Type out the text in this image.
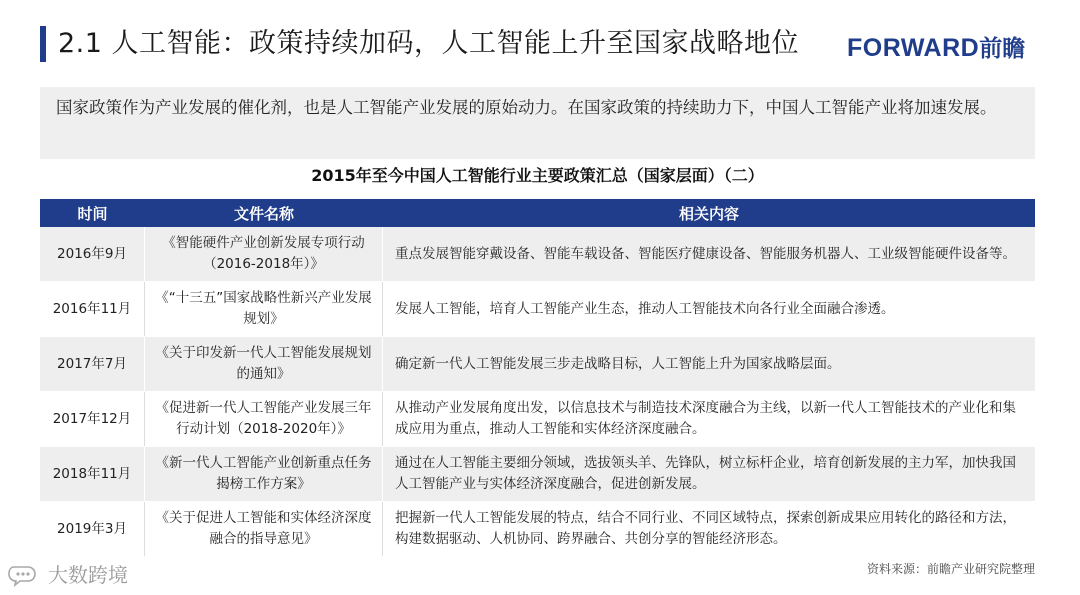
2.1 人工智能：政策持续加码，人工智能上升至国家战略地位 FORWARD前瞻
国家政策作为产业发展的催化剂，也是人工智能产业发展的原始动力。在国家政策的持续助力下，中国人工智能产业将加速发展。
2015年至今中国人工智能行业主要政策汇总（国家层面）（二）
时间	文件名称	相关内容
2016年9月
《智能硬件产业创新发展专项行动（2016-2018年）》
重点发展智能穿戴设备、智能车载设备、智能医疗健康设备、智能服务机器人、工业级智能硬件设备等。
2016年11月
《“十三五”国家战略性新兴产业发展规划》
发展人工智能，培育人工智能产业生态，推动人工智能技术向各行业全面融合渗透。
2017年7月
《关于印发新一代人工智能发展规划的通知》
确定新一代人工智能发展三步走战略目标，人工智能上升为国家战略层面。
2017年12月
《促进新一代人工智能产业发展三年行动计划（2018-2020年）》
从推动产业发展角度出发，以信息技术与制造技术深度融合为主线，以新一代人工智能技术的产业化和集成应用为重点，推动人工智能和实体经济深度融合。
2018年11月
《新一代人工智能产业创新重点任务揭榜工作方案》
通过在人工智能主要细分领域，选拔领头羊、先锋队，树立标杆企业，培育创新发展的主力军，加快我国人工智能产业与实体经济深度融合，促进创新发展。
2019年3月
《关于促进人工智能和实体经济深度融合的指导意见》
把握新一代人工智能发展的特点，结合不同行业、不同区域特点，探索创新成果应用转化的路径和方法，构建数据驱动、人机协同、跨界融合、共创分享的智能经济形态。
资料来源：前瞻产业研究院整理
大数跨境
